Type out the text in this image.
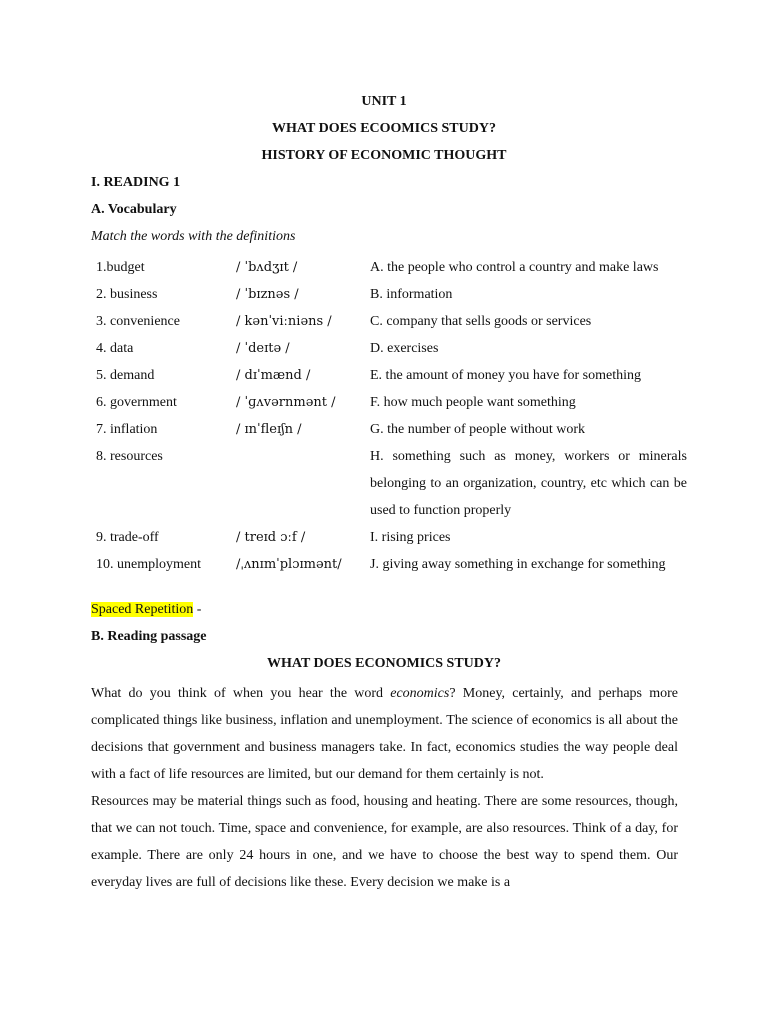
UNIT 1
WHAT DOES ECOOMICS STUDY?
HISTORY OF ECONOMIC THOUGHT
I. READING 1
A. Vocabulary
Match the words with the definitions
1.budget	/ ˈbʌdʒɪt /	A. the people who control a country and make laws
2. business	/ ˈbɪznəs /	B. information
3. convenience	/ kənˈviːniəns /	C. company that sells goods or services
4. data	/ ˈdeɪtə /	D. exercises
5. demand	/ dɪˈmænd /	E. the amount of money you have for something
6. government	/ ˈɡʌvərnmənt / F. how much people want something
7. inflation	/ ɪnˈfleɪʃn /	G. the number of people without work
8. resources	H. something such as money, workers or minerals belonging to an organization, country, etc which can be used to function properly
9. trade-off	/ treɪd ɔːf /	I. rising prices
10. unemployment	/ˌʌnɪmˈplɔɪmənt/ J. giving away something in exchange for something
Spaced Repetition -
B. Reading passage
WHAT DOES ECONOMICS STUDY?

What do you think of when you hear the word economics? Money, certainly, and perhaps more complicated things like business, inflation and unemployment. The science of economics is all about the decisions that government and business managers take. In fact, economics studies the way people deal with a fact of life resources are limited, but our demand for them certainly is not.

Resources may be material things such as food, housing and heating. There are some resources, though, that we can not touch. Time, space and convenience, for example, are also resources. Think of a day, for example. There are only 24 hours in one, and we have to choose the best way to spend them. Our everyday lives are full of decisions like these. Every decision we make is a
